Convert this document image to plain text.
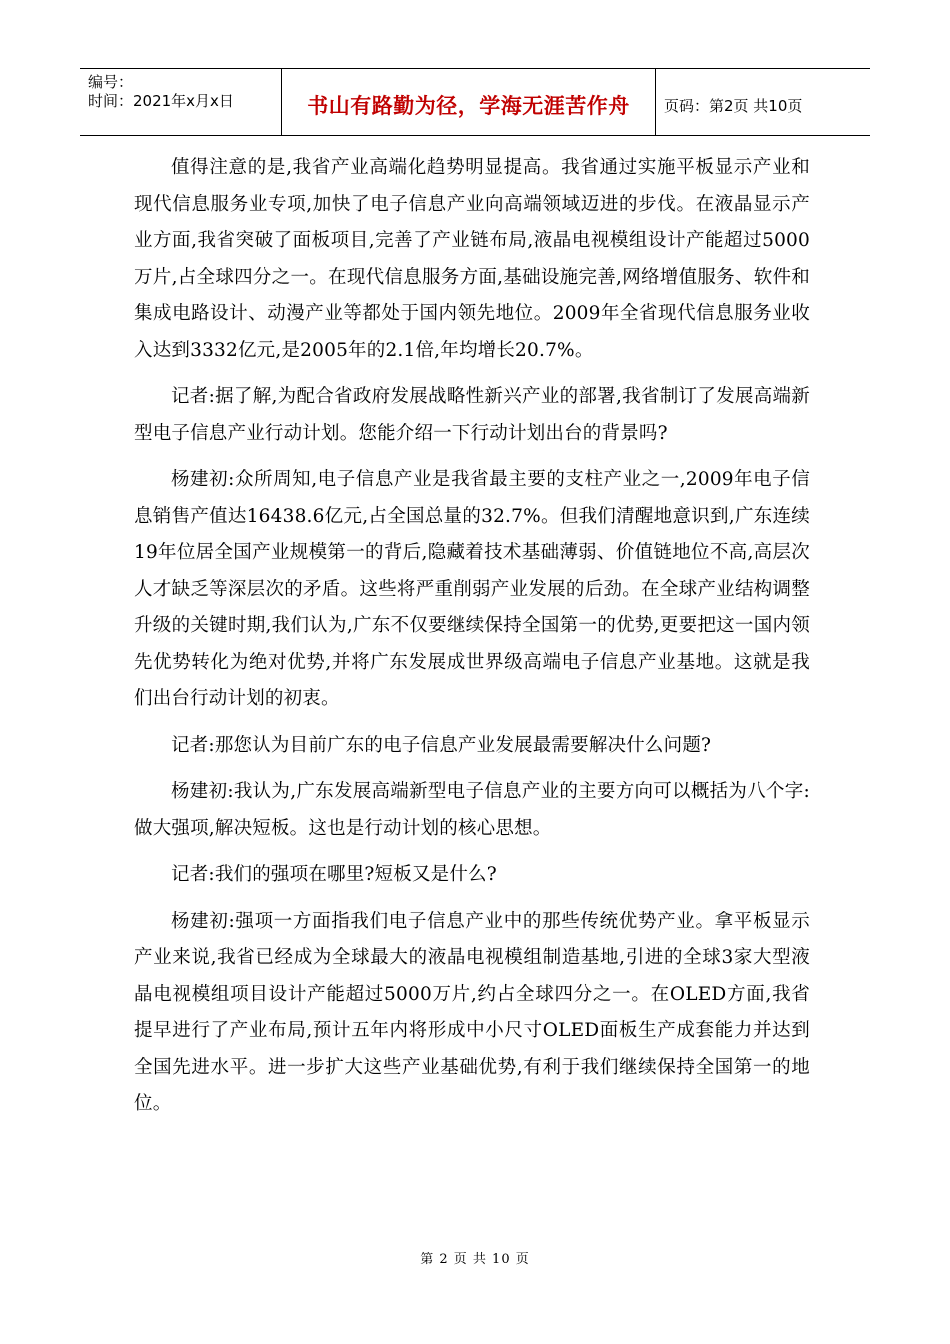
编号：
时间：2021年x月x日	书山有路勤为径，学海无涯苦作舟 页码：第2页 共10页

值得注意的是,我省产业高端化趋势明显提高。我省通过实施平板显示产业和现代信息服务业专项,加快了电子信息产业向高端领域迈进的步伐。在液晶显示产业方面,我省突破了面板项目,完善了产业链布局,液晶电视模组设计产能超过5000万片,占全球四分之一。在现代信息服务方面,基础设施完善,网络增值服务、软件和集成电路设计、动漫产业等都处于国内领先地位。2009年全省现代信息服务业收入达到3332亿元,是2005年的2.1倍,年均增长20.7%。

记者:据了解,为配合省政府发展战略性新兴产业的部署,我省制订了发展高端新型电子信息产业行动计划。您能介绍一下行动计划出台的背景吗?

杨建初:众所周知,电子信息产业是我省最主要的支柱产业之一,2009年电子信息销售产值达16438.6亿元,占全国总量的32.7%。但我们清醒地意识到,广东连续19年位居全国产业规模第一的背后,隐藏着技术基础薄弱、价值链地位不高,高层次人才缺乏等深层次的矛盾。这些将严重削弱产业发展的后劲。在全球产业结构调整升级的关键时期,我们认为,广东不仅要继续保持全国第一的优势,更要把这一国内领先优势转化为绝对优势,并将广东发展成世界级高端电子信息产业基地。这就是我们出台行动计划的初衷。

记者:那您认为目前广东的电子信息产业发展最需要解决什么问题?

杨建初:我认为,广东发展高端新型电子信息产业的主要方向可以概括为八个字:做大强项,解决短板。这也是行动计划的核心思想。

记者:我们的强项在哪里?短板又是什么?

杨建初:强项一方面指我们电子信息产业中的那些传统优势产业。拿平板显示产业来说,我省已经成为全球最大的液晶电视模组制造基地,引进的全球3家大型液晶电视模组项目设计产能超过5000万片,约占全球四分之一。在OLED方面,我省提早进行了产业布局,预计五年内将形成中小尺寸OLED面板生产成套能力并达到全国先进水平。进一步扩大这些产业基础优势,有利于我们继续保持全国第一的地位。

第 2 页 共 10 页
